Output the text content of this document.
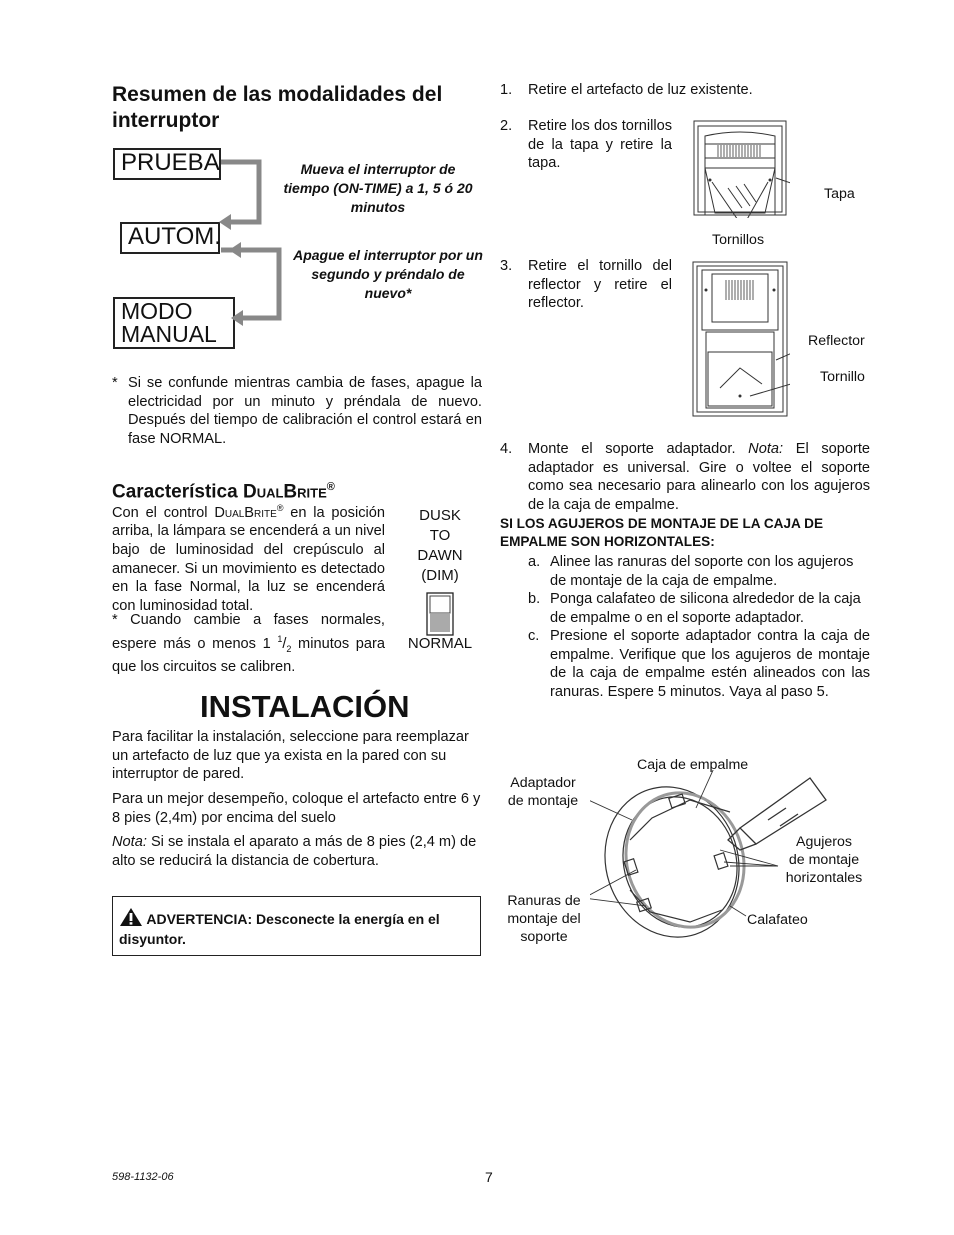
Resumen de las modalidades del interruptor
PRUEBA
AUTOM.
MODO
MANUAL
Mueva el interruptor de tiempo (ON-TIME) a 1, 5 ó 20 minutos
Apague el interruptor por un segundo y préndalo de nuevo*
* Si se confunde mientras cambia de fases, apague la electricidad por un minuto y préndala de nuevo. Después del tiempo de calibración el control estará en fase NORMAL.
Característica DualBrite®
Con el control DualBrite® en la posición arriba, la lámpara se encenderá a un nivel bajo de luminosidad del crepúsculo al amanecer. Si un movimiento es detectado en la fase Normal, la luz se encenderá con luminosidad total.
* Cuando cambie a fases normales, espere más o menos 1 $^1/_2$ minutos para que los circuitos se calibren.
DUSK
TO
DAWN
(DIM)
NORMAL
INSTALACIÓN
Para facilitar la instalación, seleccione para reemplazar un artefacto de luz que ya exista en la pared con su interruptor de pared.
Para un mejor desempeño, coloque el artefacto entre 6 y 8 pies (2,4m) por encima del suelo
Nota: Si se instala el aparato a más de 8 pies (2,4 m) de alto se reducirá la distancia de cobertura.
ADVERTENCIA: Desconecte la energía en el disyuntor.
1. Retire el artefacto de luz existente.
2. Retire los dos tornillos de la tapa y retire la tapa.
3. Retire el tornillo del reflector y retire el reflector.
Tapa
Tornillos
Reflector
Tornillo
4. Monte el soporte adaptador. Nota: El soporte adaptador es universal. Gire o voltee el soporte como sea necesario para alinearlo con los agujeros de la caja de empalme.
SI LOS AGUJEROS DE MONTAJE DE LA CAJA DE EMPALME SON HORIZONTALES:
a. Alinee las ranuras del soporte con los agujeros de montaje de la caja de empalme.
b. Ponga calafateo de silicona alrededor de la caja de empalme o en el soporte adaptador.
c. Presione el soporte adaptador contra la caja de empalme. Verifique que los agujeros de montaje de la caja de empalme estén alineados con las ranuras. Espere 5 minutos. Vaya al paso 5.
Caja de empalme
Adaptador
de montaje
Agujeros
de montaje
horizontales
Ranuras de
montaje del
soporte
Calafateo
598-1132-06	7
